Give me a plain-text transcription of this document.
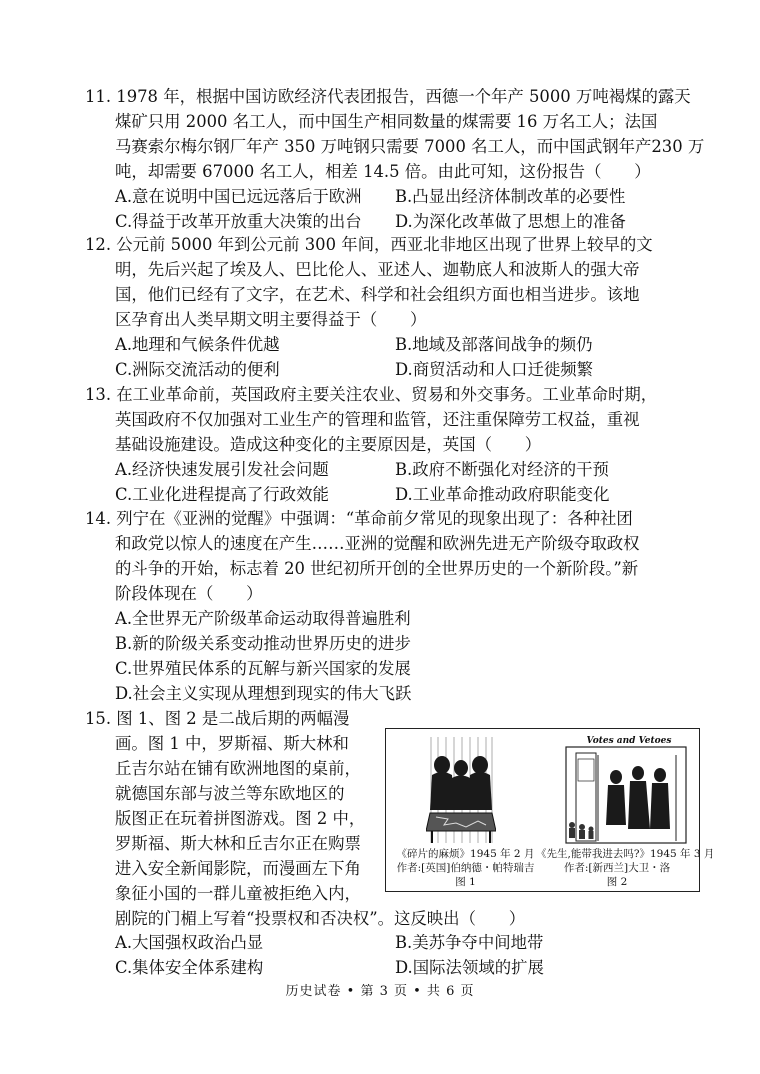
11. 1978 年，根据中国访欧经济代表团报告，西德一个年产 5000 万吨褐煤的露天
煤矿只用 2000 名工人，而中国生产相同数量的煤需要 16 万名工人；法国
马赛索尔梅尔钢厂年产 350 万吨钢只需要 7000 名工人，而中国武钢年产230 万
吨，却需要 67000 名工人，相差 14.5 倍。由此可知，这份报告（　　）
A.意在说明中国已远远落后于欧洲 B.凸显出经济体制改革的必要性
C.得益于改革开放重大决策的出台 D.为深化改革做了思想上的准备
12. 公元前 5000 年到公元前 300 年间，西亚北非地区出现了世界上较早的文
明，先后兴起了埃及人、巴比伦人、亚述人、迦勒底人和波斯人的强大帝
国，他们已经有了文字，在艺术、科学和社会组织方面也相当进步。该地
区孕育出人类早期文明主要得益于（　　）
A.地理和气候条件优越	B.地域及部落间战争的频仍
C.洲际交流活动的便利	D.商贸活动和人口迁徙频繁
13. 在工业革命前，英国政府主要关注农业、贸易和外交事务。工业革命时期，
英国政府不仅加强对工业生产的管理和监管，还注重保障劳工权益，重视
基础设施建设。造成这种变化的主要原因是，英国（　　）
A.经济快速发展引发社会问题	B.政府不断强化对经济的干预
C.工业化进程提高了行政效能	D.工业革命推动政府职能变化
14. 列宁在《亚洲的觉醒》中强调：“革命前夕常见的现象出现了：各种社团
和政党以惊人的速度在产生……亚洲的觉醒和欧洲先进无产阶级夺取政权
的斗争的开始，标志着 20 世纪初所开创的全世界历史的一个新阶段。”新
阶段体现在（　　）
A.全世界无产阶级革命运动取得普遍胜利
B.新的阶级关系变动推动世界历史的进步
C.世界殖民体系的瓦解与新兴国家的发展
D.社会主义实现从理想到现实的伟大飞跃
15. 图 1、图 2 是二战后期的两幅漫
画。图 1 中，罗斯福、斯大林和
丘吉尔站在铺有欧洲地图的桌前，
就德国东部与波兰等东欧地区的
版图正在玩着拼图游戏。图 2 中，
罗斯福、斯大林和丘吉尔正在购票
进入安全新闻影院，而漫画左下角
象征小国的一群儿童被拒绝入内，
剧院的门楣上写着“投票权和否决权”。这反映出（　　）
A.大国强权政治凸显	B.美苏争夺中间地带
C.集体安全体系建构	D.国际法领域的扩展
Votes and Vetoes
《碎片的麻烦》1945 年 2 月
作者:[英国]伯纳德・帕特瑞吉
图 1
《先生,能带我进去吗?》1945 年 3 月
作者:[新西兰]大卫・洛
图 2
历史试卷 • 第 3 页 • 共 6 页
